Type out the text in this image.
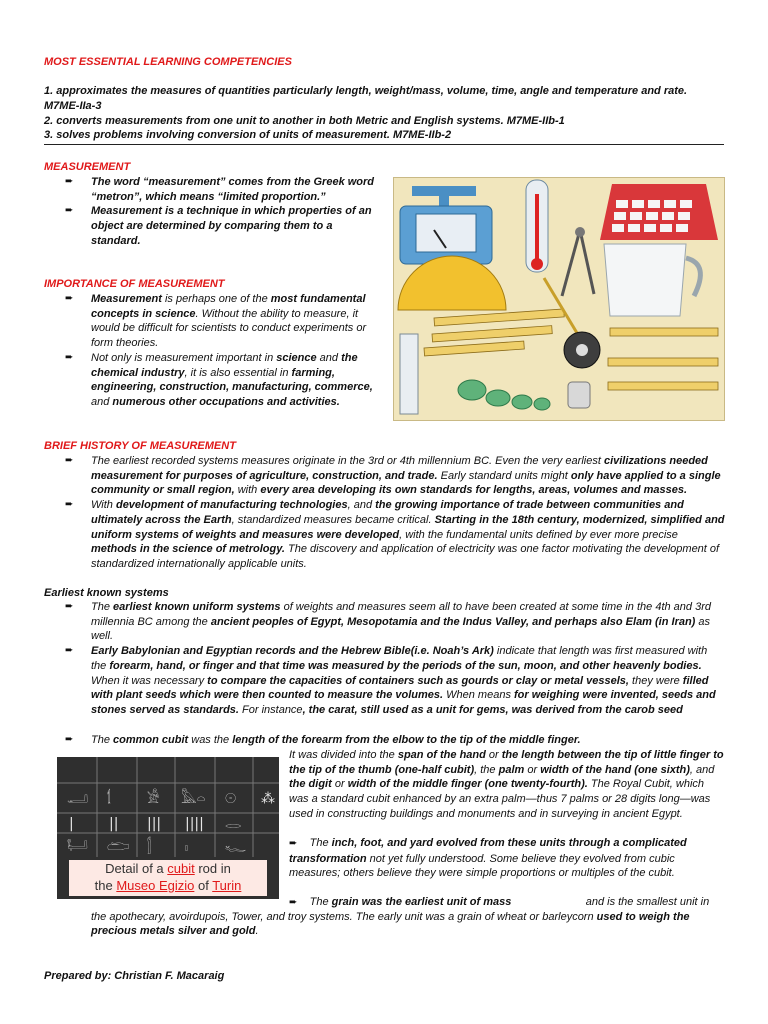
MOST ESSENTIAL LEARNING COMPETENCIES
1. approximates the measures of quantities particularly length, weight/mass, volume, time, angle and temperature and rate. M7ME-IIa-3
2. converts measurements from one unit to another in both Metric and English systems. M7ME-IIb-1
3. solves problems involving conversion of units of measurement. M7ME-IIb-2
MEASUREMENT
➨ The word “measurement” comes from the Greek word “metron”, which means “limited proportion.”
➨ Measurement is a technique in which properties of an object are determined by comparing them to a standard.
IMPORTANCE OF MEASUREMENT
➨ Measurement is perhaps one of the most fundamental concepts in science. Without the ability to measure, it would be difficult for scientists to conduct experiments or form theories.
➨ Not only is measurement important in science and the chemical industry, it is also essential in farming, engineering, construction, manufacturing, commerce, and numerous other occupations and activities.
BRIEF HISTORY OF MEASUREMENT
➨ The earliest recorded systems measures originate in the 3rd or 4th millennium BC. Even the very earliest civilizations needed measurement for purposes of agriculture, construction, and trade. Early standard units might only have applied to a single community or small region, with every area developing its own standards for lengths, areas, volumes and masses.
➨ With development of manufacturing technologies, and the growing importance of trade between communities and ultimately across the Earth, standardized measures became critical. Starting in the 18th century, modernized, simplified and uniform systems of weights and measures were developed, with the fundamental units defined by ever more precise methods in the science of metrology. The discovery and application of electricity was one factor motivating the development of standardized internationally applicable units.
Earliest known systems
➨ The earliest known uniform systems of weights and measures seem all to have been created at some time in the 4th and 3rd millennia BC among the ancient peoples of Egypt, Mesopotamia and the Indus Valley, and perhaps also Elam (in Iran) as well.
➨ Early Babylonian and Egyptian records and the Hebrew Bible(i.e. Noah’s Ark) indicate that length was first measured with the forearm, hand, or finger and that time was measured by the periods of the sun, moon, and other heavenly bodies. When it was necessary to compare the capacities of containers such as gourds or clay or metal vessels, they were filled with plant seeds which were then counted to measure the volumes. When means for weighing were invented, seeds and stones served as standards. For instance, the carat, still used as a unit for gems, was derived from the carob seed
➨	The common cubit was the length of the forearm from the elbow to the tip of the middle finger.
It was divided into the span of the hand or the length between the tip of little finger to the tip of the thumb (one-half cubit), the palm or width of the hand (one sixth), and the digit or width of the middle finger (one twenty-fourth). The Royal Cubit, which was a standard cubit enhanced by an extra palm—thus 7 palms or 28 digits long—was used in constructing buildings and monuments and in surveying in ancient Egypt.
➨ The inch, foot, and yard evolved from these units through a complicated transformation not yet fully understood. Some believe they evolved from cubic measures; others believe they were simple proportions or multiples of the cubit.
➨ The grain was the earliest unit of mass	and is the smallest unit in the apothecary, avoirdupois, Tower, and troy systems. The early unit was a grain of wheat or barleycorn used to weigh the precious metals silver and gold.
𓂝 𓌀	𓀀 𓅓𓏏 𓇳 ⁂
|	|| ||| |||| 𓂋
𓂡 𓂧 𓂭 𓏤	𓆑
Detail of a cubit rod in
the Museo Egizio of Turin
Prepared by: Christian F. Macaraig
